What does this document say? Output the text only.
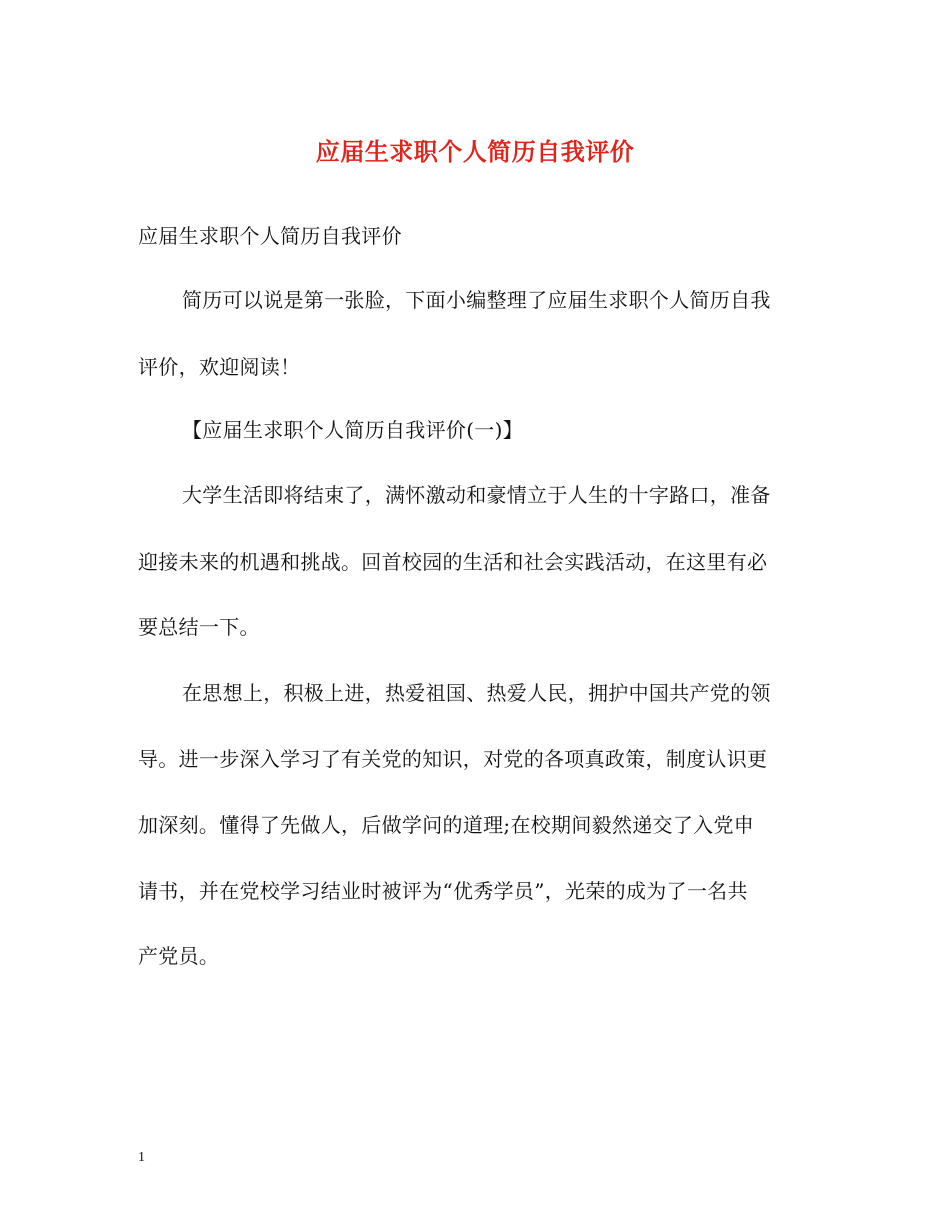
应届生求职个人简历自我评价
应届生求职个人简历自我评价
简历可以说是第一张脸，下面小编整理了应届生求职个人简历自我
评价，欢迎阅读！
【应届生求职个人简历自我评价(一)】
大学生活即将结束了，满怀激动和豪情立于人生的十字路口，准备
迎接未来的机遇和挑战。回首校园的生活和社会实践活动，在这里有必
要总结一下。
在思想上，积极上进，热爱祖国、热爱人民，拥护中国共产党的领
导。进一步深入学习了有关党的知识，对党的各项真政策，制度认识更
加深刻。懂得了先做人，后做学问的道理;在校期间毅然递交了入党申
请书，并在党校学习结业时被评为“优秀学员”，光荣的成为了一名共
产党员。
1
